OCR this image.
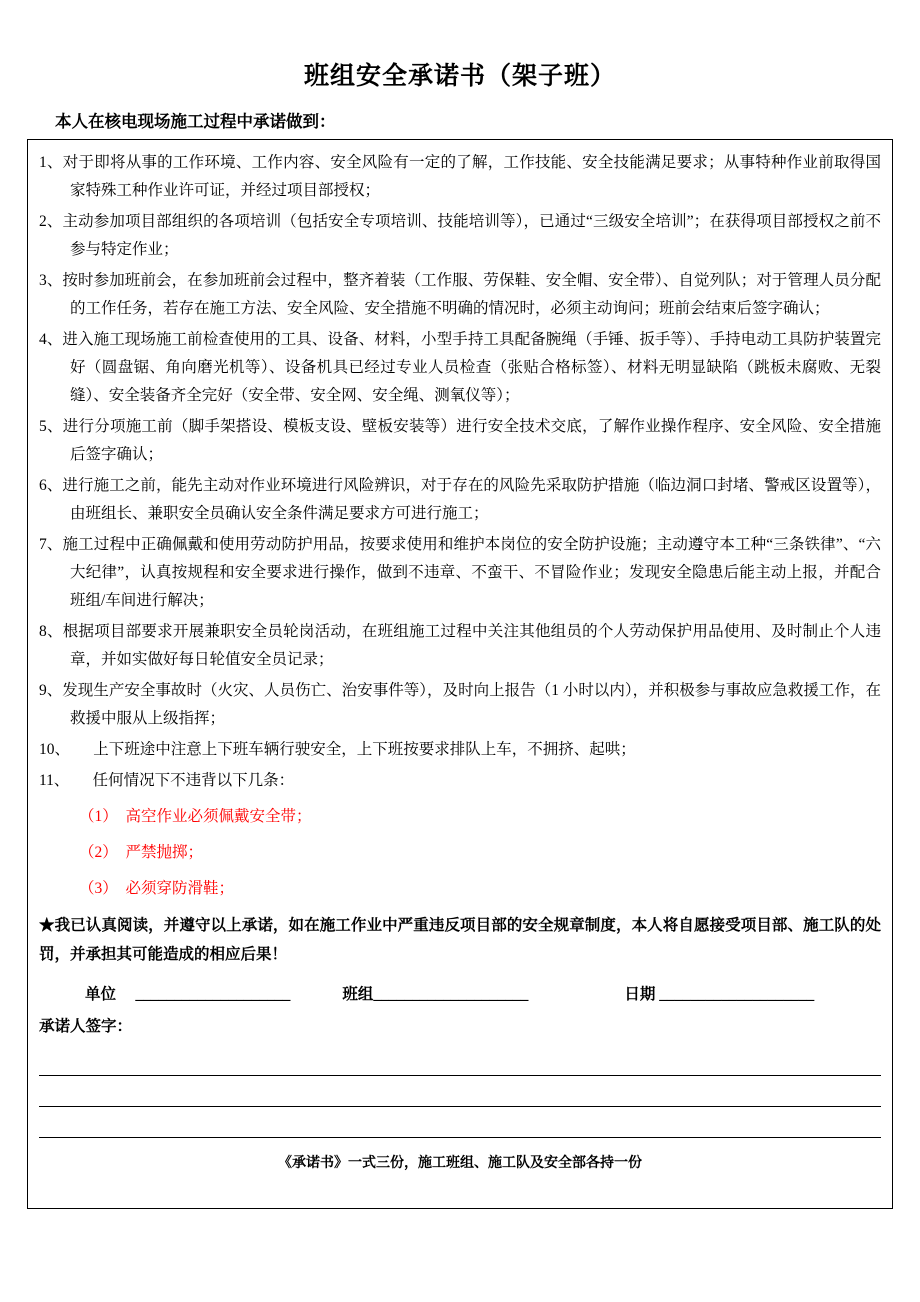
班组安全承诺书（架子班）
本人在核电现场施工过程中承诺做到：
1、对于即将从事的工作环境、工作内容、安全风险有一定的了解，工作技能、安全技能满足要求；从事特种作业前取得国家特殊工种作业许可证，并经过项目部授权；
2、主动参加项目部组织的各项培训（包括安全专项培训、技能培训等），已通过“三级安全培训”；在获得项目部授权之前不参与特定作业；
3、按时参加班前会，在参加班前会过程中，整齐着装（工作服、劳保鞋、安全帽、安全带）、自觉列队；对于管理人员分配的工作任务，若存在施工方法、安全风险、安全措施不明确的情况时，必须主动询问；班前会结束后签字确认；
4、进入施工现场施工前检查使用的工具、设备、材料，小型手持工具配备腕绳（手锤、扳手等）、手持电动工具防护装置完好（圆盘锯、角向磨光机等）、设备机具已经过专业人员检查（张贴合格标签）、材料无明显缺陷（跳板未腐败、无裂缝）、安全装备齐全完好（安全带、安全网、安全绳、测氧仪等）；
5、进行分项施工前（脚手架搭设、模板支设、壁板安装等）进行安全技术交底，了解作业操作程序、安全风险、安全措施后签字确认；
6、进行施工之前，能先主动对作业环境进行风险辨识，对于存在的风险先采取防护措施（临边洞口封堵、警戒区设置等），由班组长、兼职安全员确认安全条件满足要求方可进行施工；
7、施工过程中正确佩戴和使用劳动防护用品，按要求使用和维护本岗位的安全防护设施；主动遵守本工种“三条铁律”、“六大纪律”，认真按规程和安全要求进行操作，做到不违章、不蛮干、不冒险作业；发现安全隐患后能主动上报，并配合班组/车间进行解决；
8、根据项目部要求开展兼职安全员轮岗活动，在班组施工过程中关注其他组员的个人劳动保护用品使用、及时制止个人违章，并如实做好每日轮值安全员记录；
9、发现生产安全事故时（火灾、人员伤亡、治安事件等），及时向上报告（1 小时以内），并积极参与事故应急救援工作，在救援中服从上级指挥；
10、　　上下班途中注意上下班车辆行驶安全，上下班按要求排队上车，不拥挤、起哄；
11、　　任何情况下不违背以下几条：
（1）　高空作业必须佩戴安全带；
（2）　严禁抛掷；
（3）　必须穿防滑鞋；
★我已认真阅读，并遵守以上承诺，如在施工作业中严重违反项目部的安全规章制度，本人将自愿接受项目部、施工队的处罚，并承担其可能造成的相应后果！
单位　 ____________________	班组____________________	日期 ____________________
承诺人签字：
《承诺书》一式三份，施工班组、施工队及安全部各持一份
